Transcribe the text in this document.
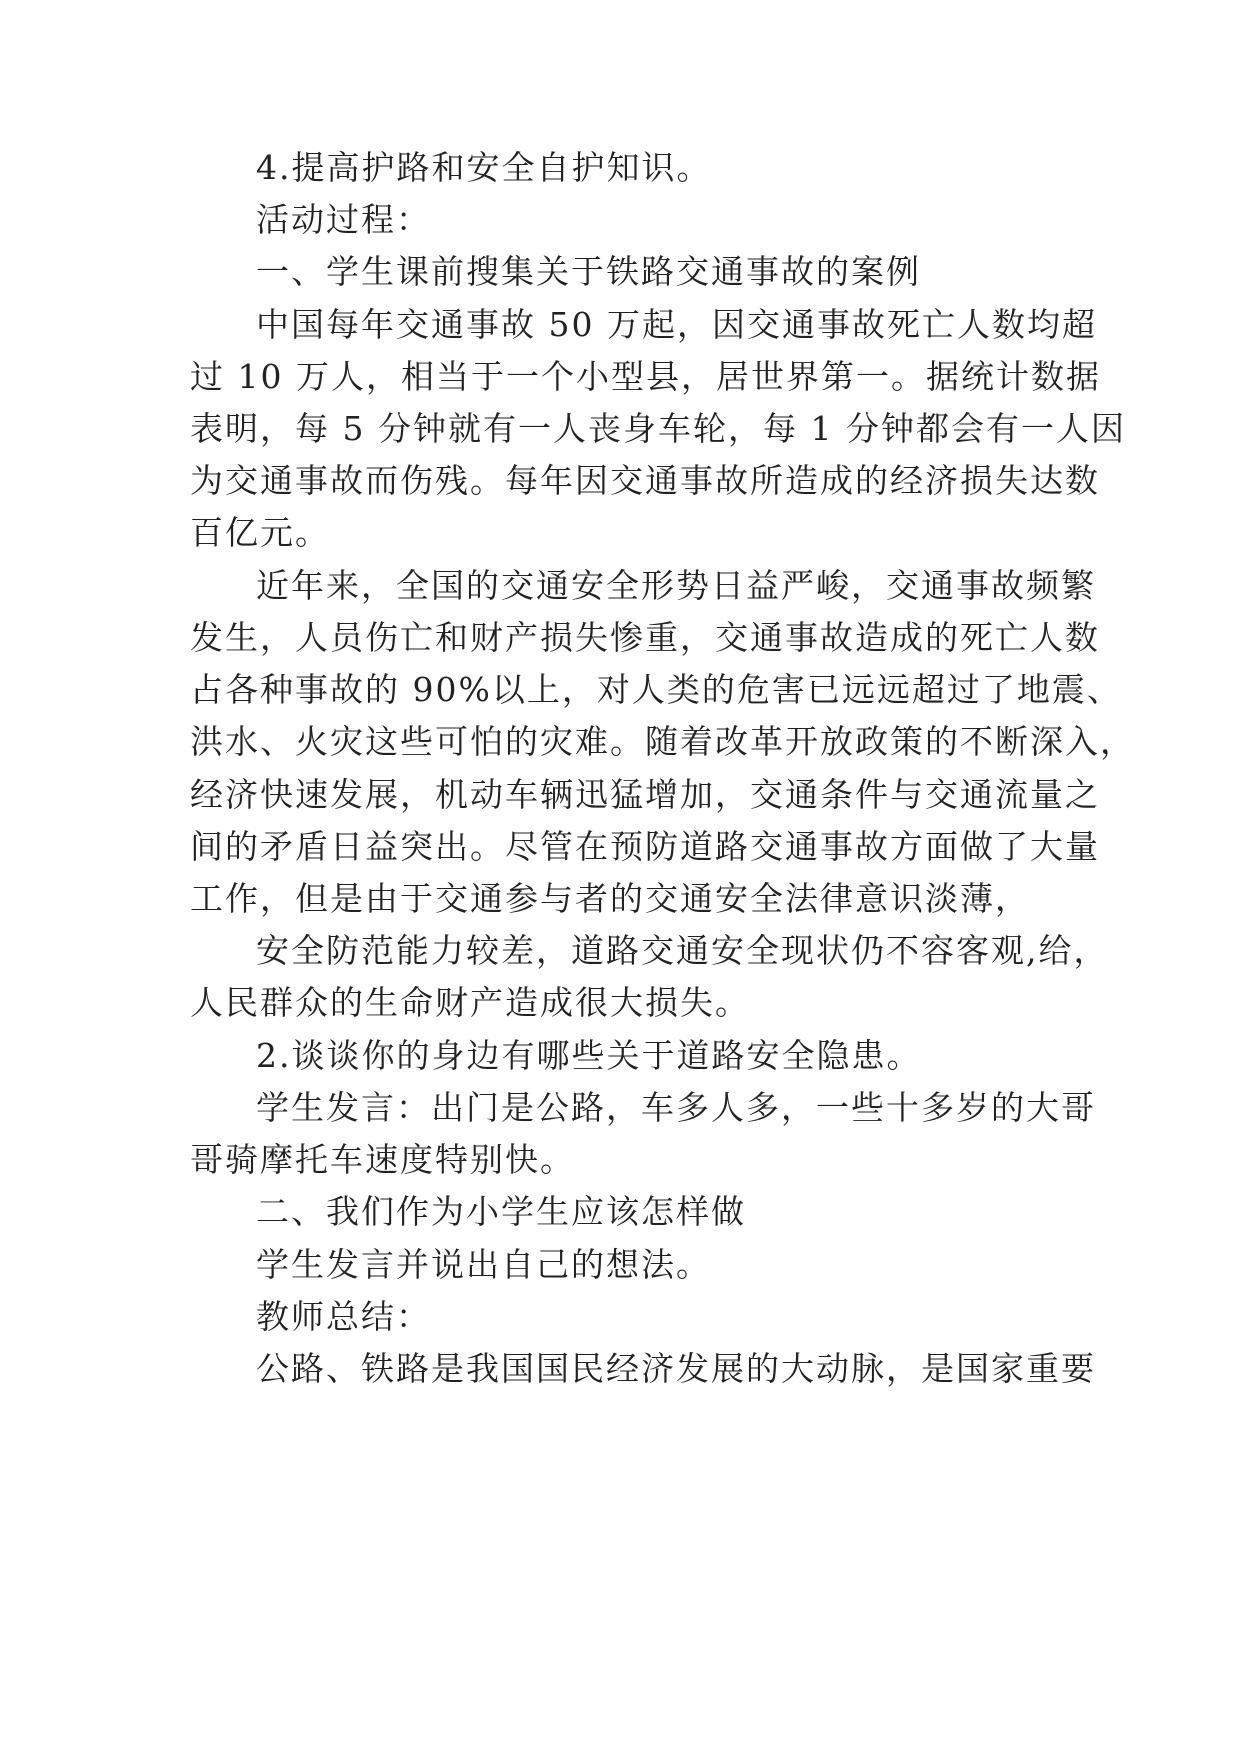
4.提高护路和安全自护知识。
活动过程：
一、学生课前搜集关于铁路交通事故的案例
中国每年交通事故 50 万起，因交通事故死亡人数均超
过 10 万人，相当于一个小型县，居世界第一。据统计数据
表明，每 5 分钟就有一人丧身车轮，每 1 分钟都会有一人因
为交通事故而伤残。每年因交通事故所造成的经济损失达数
百亿元。
近年来，全国的交通安全形势日益严峻，交通事故频繁
发生，人员伤亡和财产损失惨重，交通事故造成的死亡人数
占各种事故的 90%以上，对人类的危害已远远超过了地震、
洪水、火灾这些可怕的灾难。随着改革开放政策的不断深入，
经济快速发展，机动车辆迅猛增加，交通条件与交通流量之
间的矛盾日益突出。尽管在预防道路交通事故方面做了大量
工作，但是由于交通参与者的交通安全法律意识淡薄，
安全防范能力较差，道路交通安全现状仍不容客观,给，
人民群众的生命财产造成很大损失。
2.谈谈你的身边有哪些关于道路安全隐患。
学生发言：出门是公路，车多人多，一些十多岁的大哥
哥骑摩托车速度特别快。
二、我们作为小学生应该怎样做
学生发言并说出自己的想法。
教师总结：
公路、铁路是我国国民经济发展的大动脉，是国家重要
